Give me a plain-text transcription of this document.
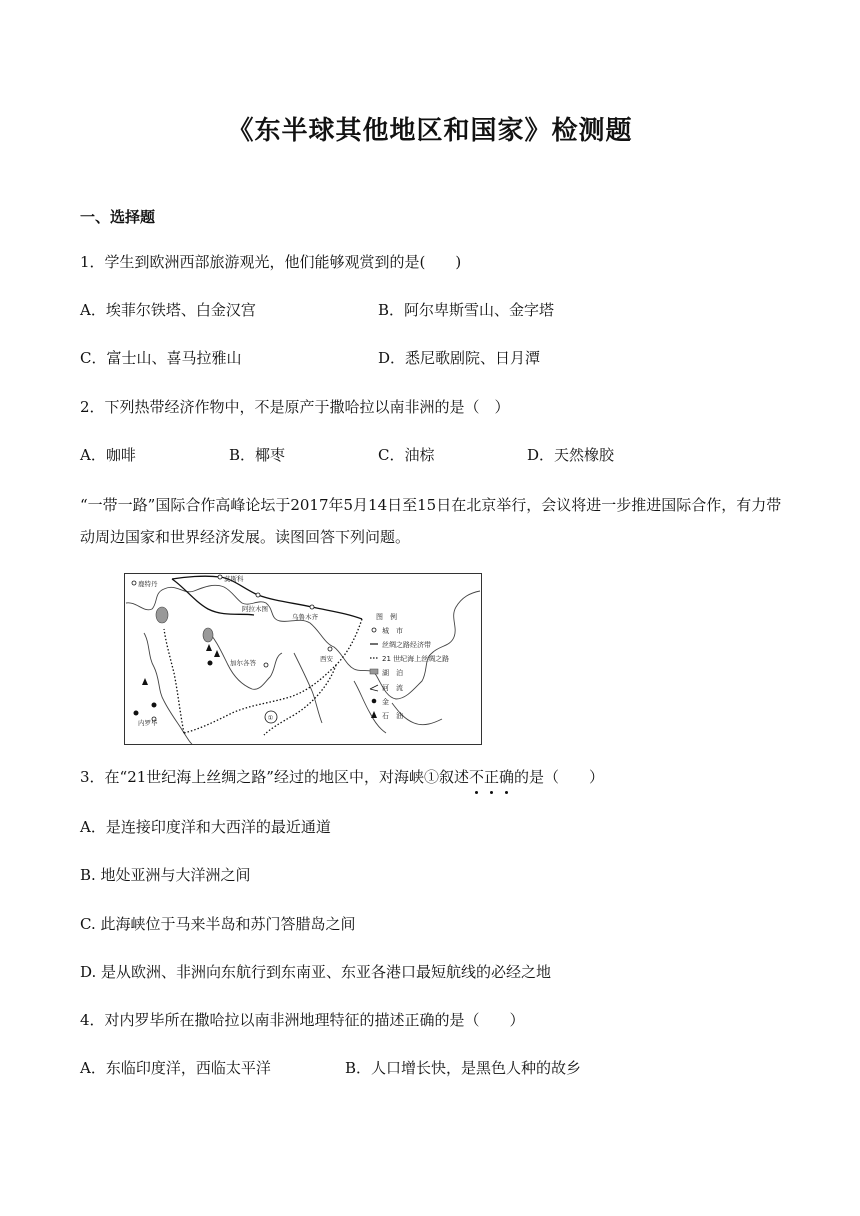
《东半球其他地区和国家》检测题
一、选择题
1．学生到欧洲西部旅游观光，他们能够观赏到的是(　　)
A．埃菲尔铁塔、白金汉宫	B．阿尔卑斯雪山、金字塔
C．富士山、喜马拉雅山	D．悉尼歌剧院、日月潭
2．下列热带经济作物中，不是原产于撒哈拉以南非洲的是（　）
A．咖啡	B．椰枣	C．油棕	D．天然橡胶
“一带一路”国际合作高峰论坛于2017年5月14日至15日在北京举行，会议将进一步推进国际合作，有力带动周边国家和世界经济发展。读图回答下列问题。
莫斯科
鹿特丹
阿拉木图
乌鲁木齐
西安
加尔各答
内罗毕
①
图　例
城　市
丝绸之路经济带
21 世纪海上丝绸之路
湖　泊
河　流
金
石　油
3．在“21世纪海上丝绸之路”经过的地区中，对海峡①叙述不正确的是（　　）
A．是连接印度洋和大西洋的最近通道
B. 地处亚洲与大洋洲之间
C. 此海峡位于马来半岛和苏门答腊岛之间
D. 是从欧洲、非洲向东航行到东南亚、东亚各港口最短航线的必经之地
4．对内罗毕所在撒哈拉以南非洲地理特征的描述正确的是（　　）
A．东临印度洋，西临太平洋	B．人口增长快，是黑色人种的故乡
